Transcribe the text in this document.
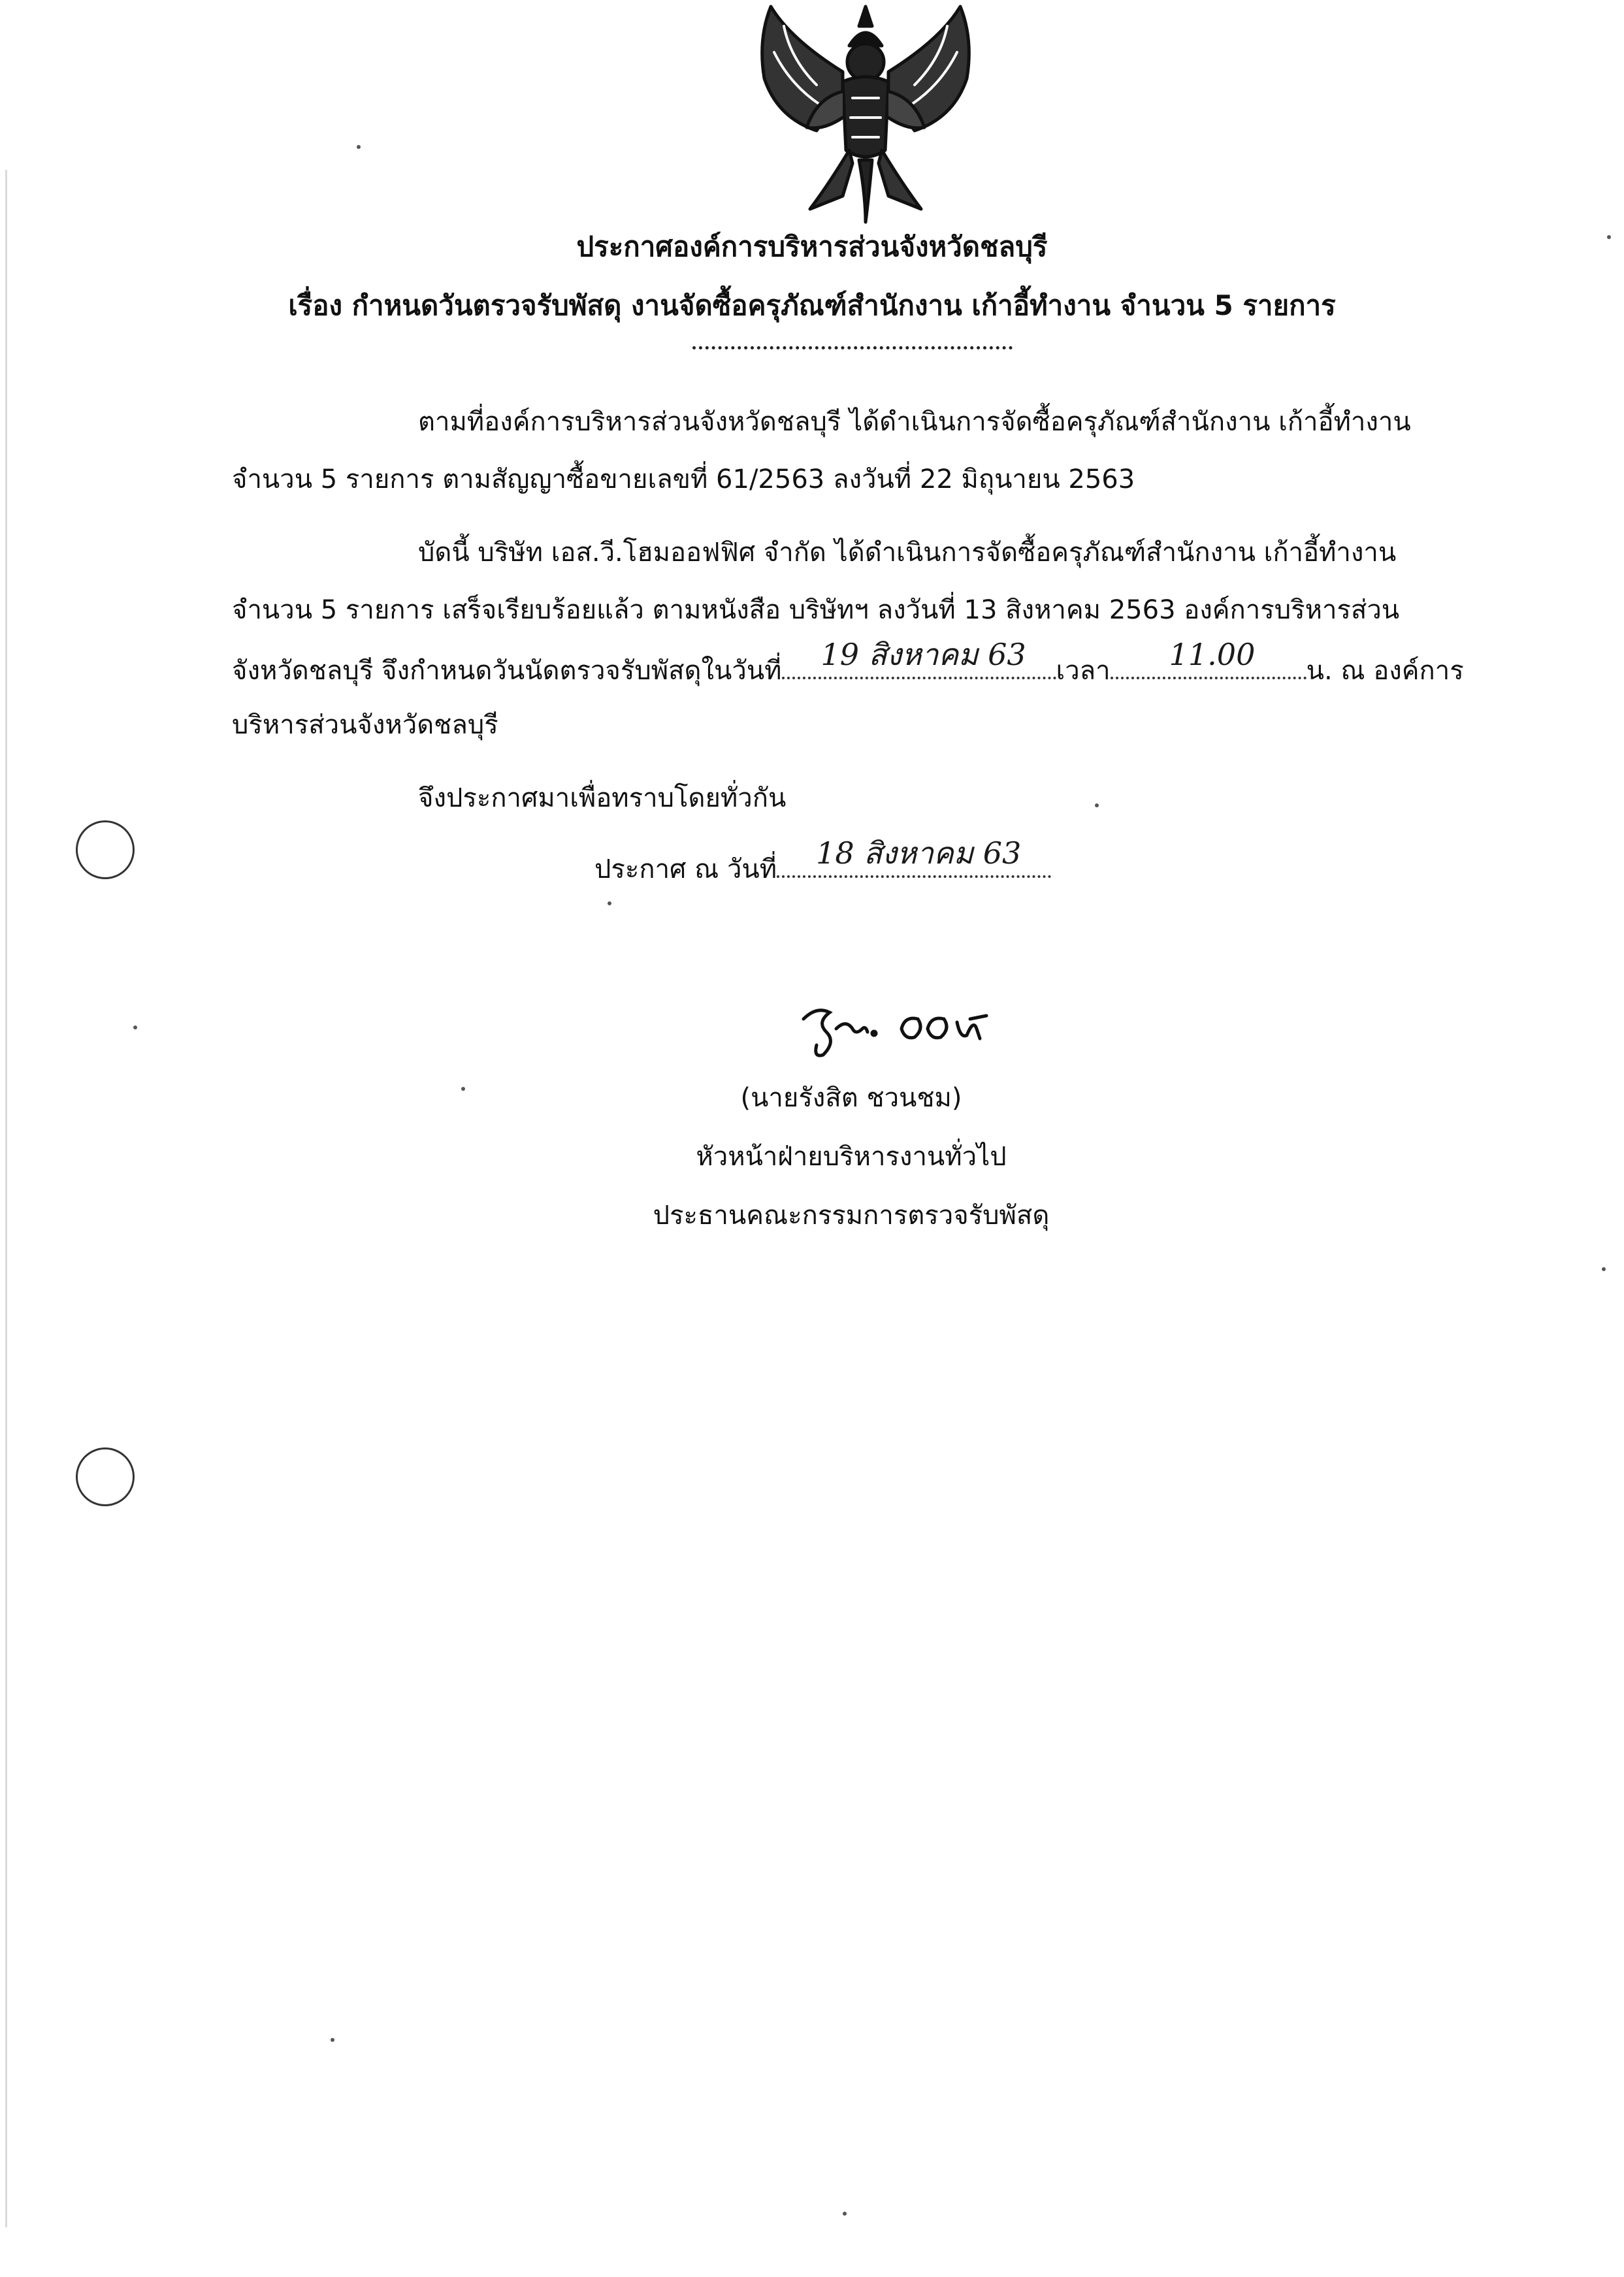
ประกาศองค์การบริหารส่วนจังหวัดชลบุรี
เรื่อง กำหนดวันตรวจรับพัสดุ งานจัดซื้อครุภัณฑ์สำนักงาน เก้าอี้ทำงาน จำนวน 5 รายการ
ตามที่องค์การบริหารส่วนจังหวัดชลบุรี ได้ดำเนินการจัดซื้อครุภัณฑ์สำนักงาน เก้าอี้ทำงาน
จำนวน 5 รายการ ตามสัญญาซื้อขายเลขที่ 61/2563 ลงวันที่ 22 มิถุนายน 2563
บัดนี้ บริษัท เอส.วี.โฮมออฟฟิศ จำกัด ได้ดำเนินการจัดซื้อครุภัณฑ์สำนักงาน เก้าอี้ทำงาน
จำนวน 5 รายการ เสร็จเรียบร้อยแล้ว ตามหนังสือ บริษัทฯ ลงวันที่ 13 สิงหาคม 2563 องค์การบริหารส่วน
จังหวัดชลบุรี จึงกำหนดวันนัดตรวจรับพัสดุในวันที่ 19 สิงหาคม 63 เวลา 11.00 น. ณ องค์การ
บริหารส่วนจังหวัดชลบุรี
จึงประกาศมาเพื่อทราบโดยทั่วกัน
ประกาศ ณ วันที่ 18 สิงหาคม 63
(นายรังสิต ชวนชม)
หัวหน้าฝ่ายบริหารงานทั่วไป
ประธานคณะกรรมการตรวจรับพัสดุ
